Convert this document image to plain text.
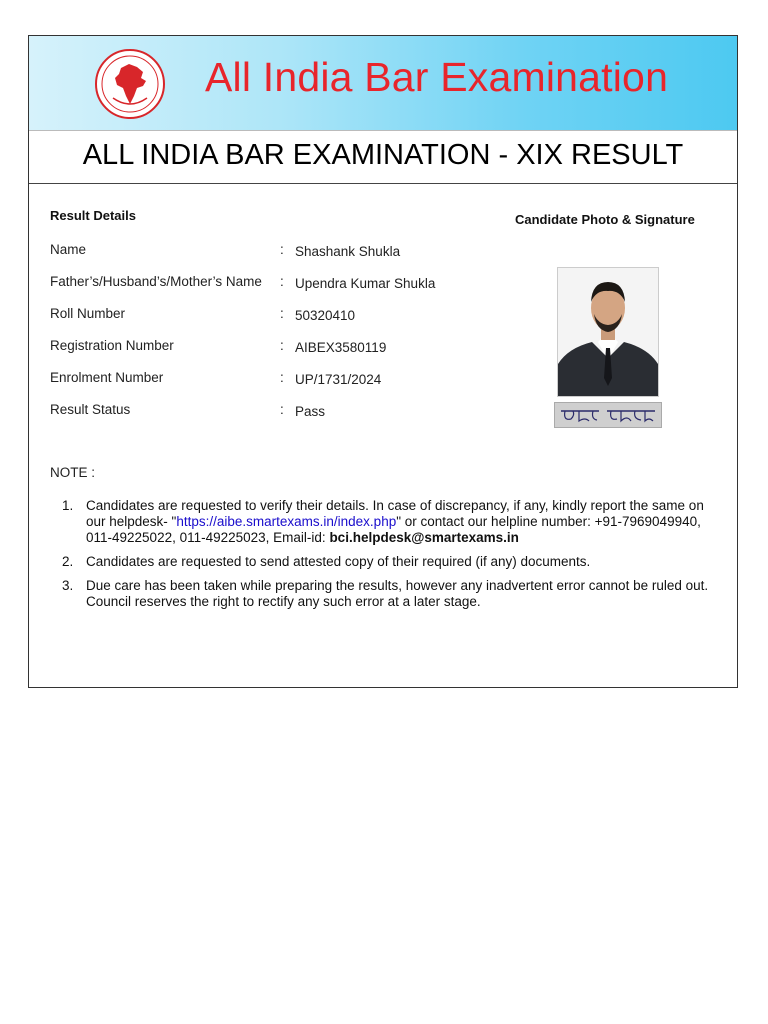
All India Bar Examination
ALL INDIA BAR EXAMINATION - XIX RESULT
Result Details	Candidate Photo & Signature
Name	: Shashank Shukla
Father’s/Husband’s/Mother’s Name : Upendra Kumar Shukla
Roll Number	: 50320410
Registration Number	: AIBEX3580119
Enrolment Number	: UP/1731/2024
Result Status	: Pass
NOTE :
1. Candidates are requested to verify their details. In case of discrepancy, if any, kindly report the same on our helpdesk- "https://aibe.smartexams.in/index.php" or contact our helpline number: +91-7969049940, 011-49225022, 011-49225023, Email-id: bci.helpdesk@smartexams.in
2. Candidates are requested to send attested copy of their required (if any) documents.
3. Due care has been taken while preparing the results, however any inadvertent error cannot be ruled out. Council reserves the right to rectify any such error at a later stage.
